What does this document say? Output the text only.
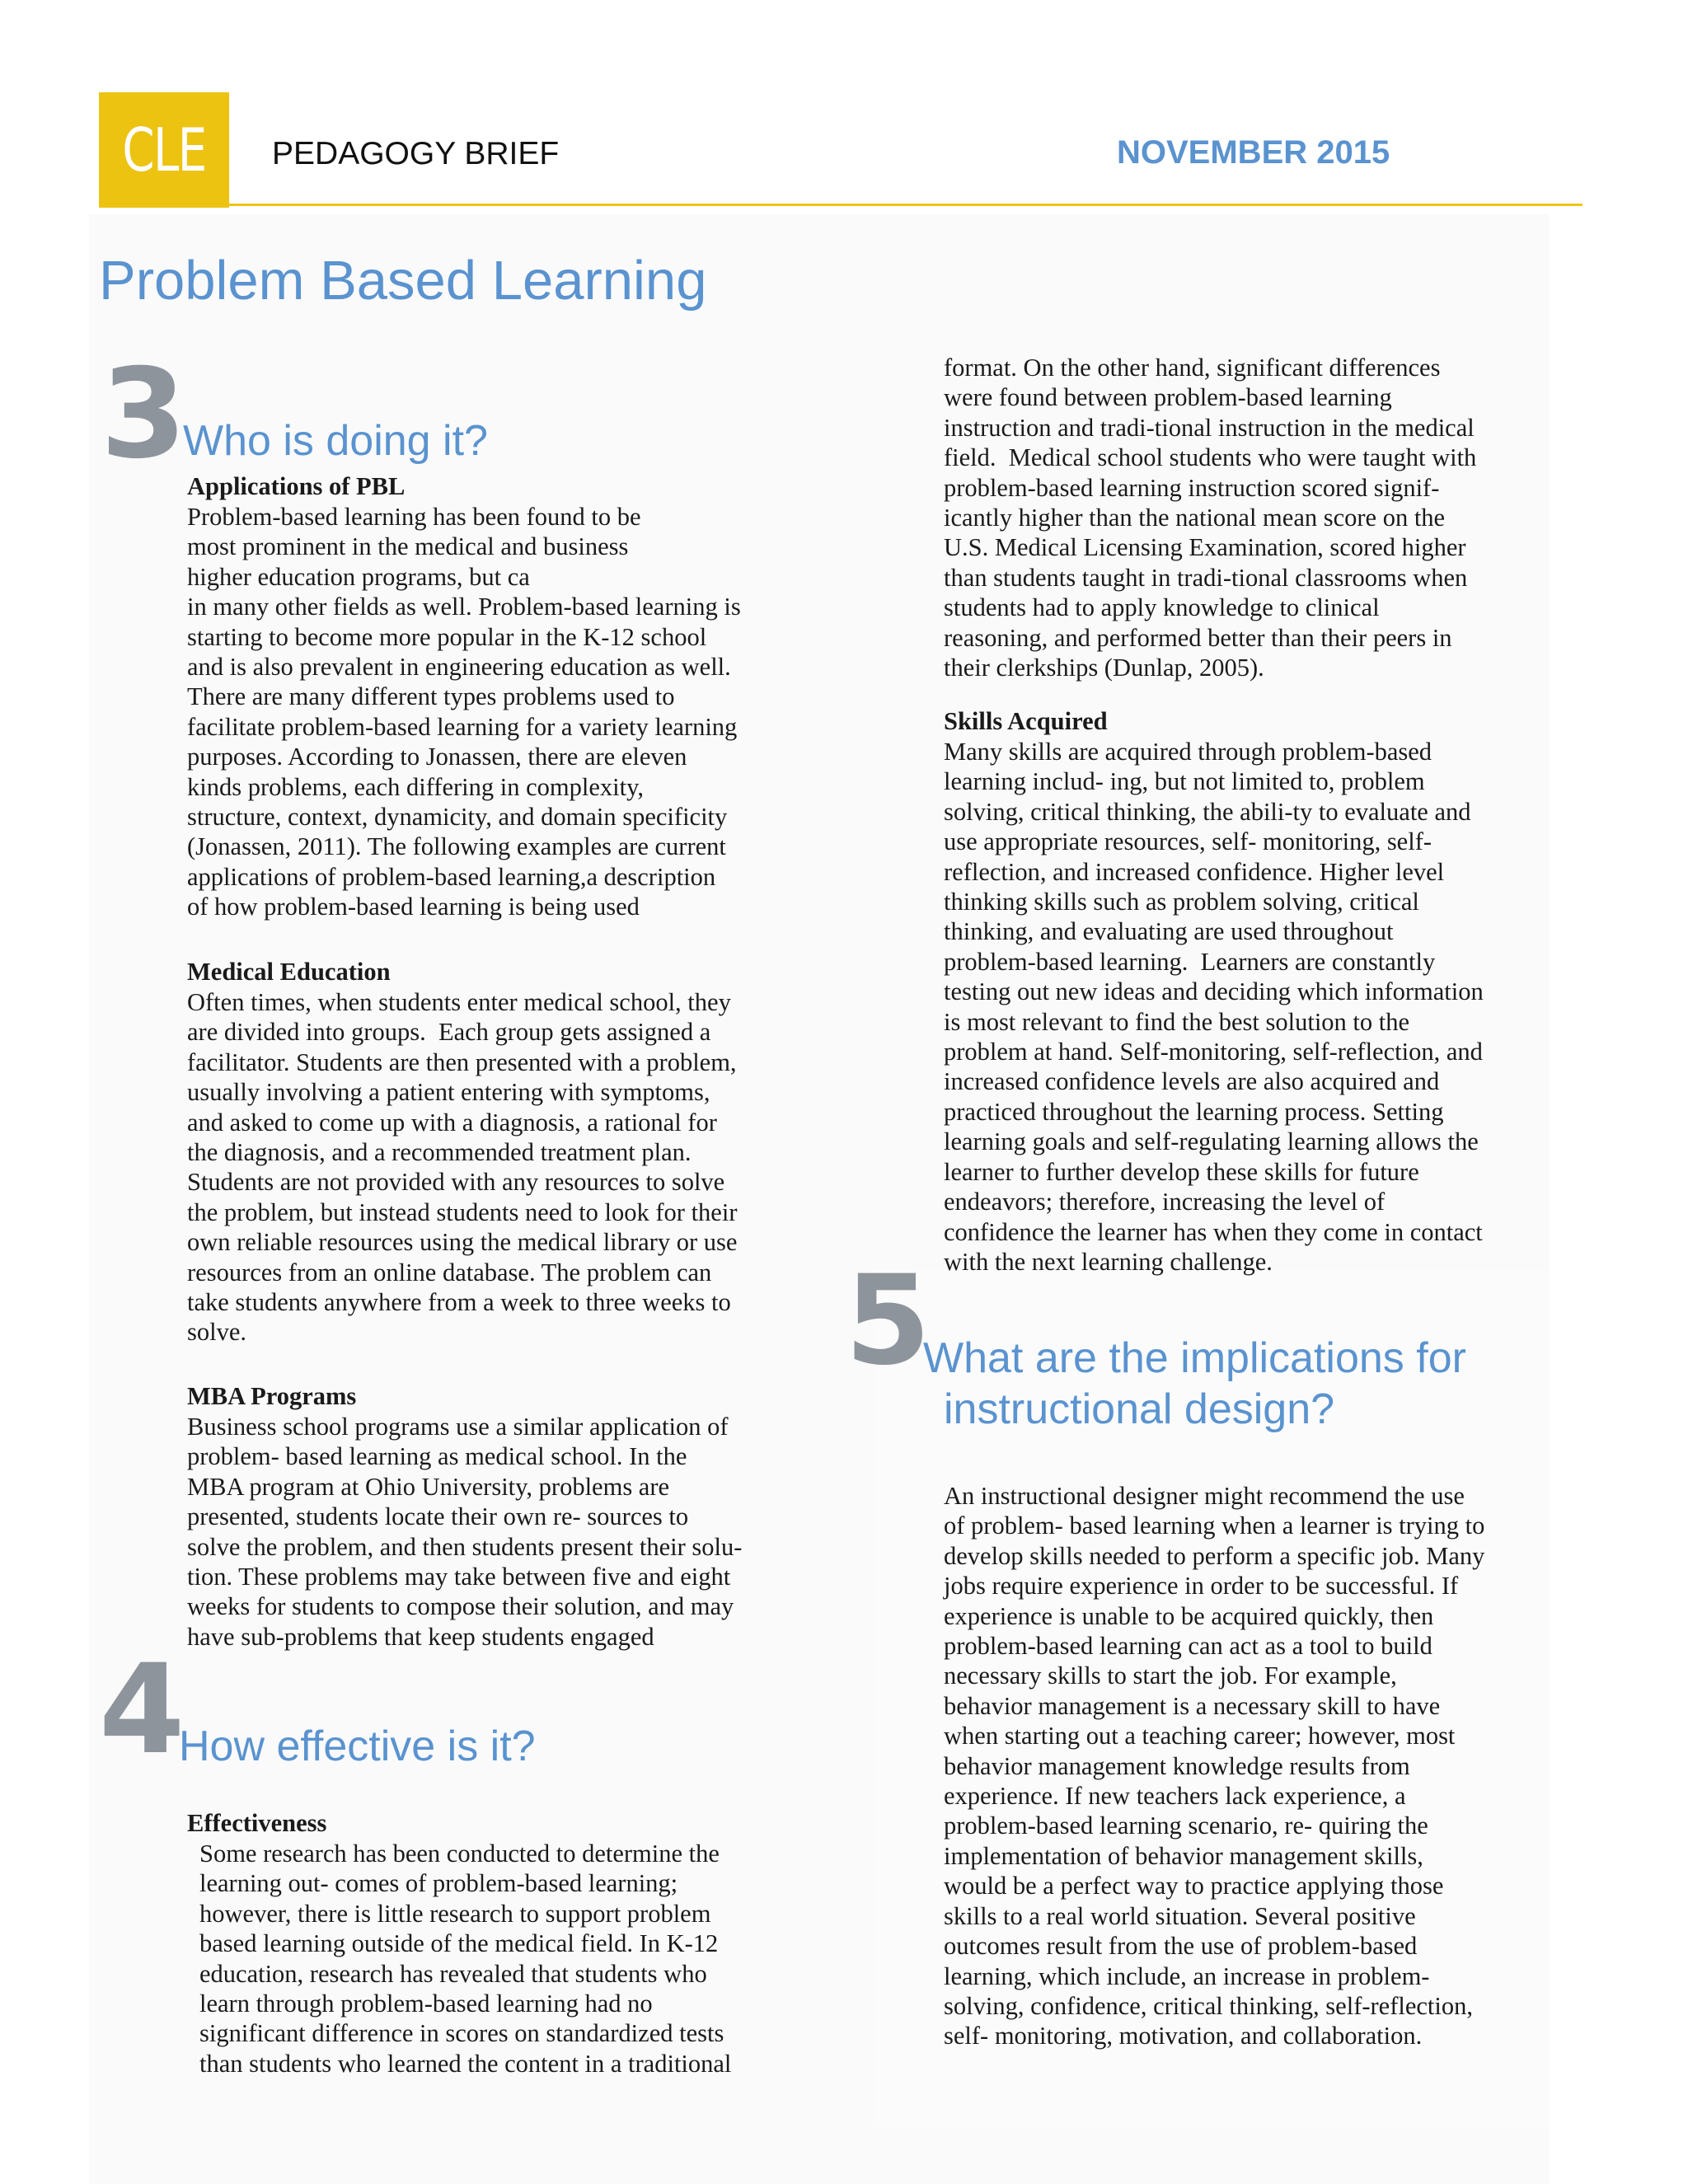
CLE PEDAGOGY BRIEF	NOVEMBER 2015
Problem Based Learning
3 Who is doing it?
Applications of PBL
Problem-based learning has been found to be
most prominent in the medical and business
higher education programs, but ca
in many other fields as well. Problem-based learning is
starting to become more popular in the K-12 school
and is also prevalent in engineering education as well.
There are many different types problems used to
facilitate problem-based learning for a variety learning
purposes. According to Jonassen, there are eleven
kinds problems, each differing in complexity,
structure, context, dynamicity, and domain specificity
(Jonassen, 2011). The following examples are current
applications of problem-based learning,a description
of how problem-based learning is being used
Medical Education
Often times, when students enter medical school, they
are divided into groups.  Each group gets assigned a
facilitator. Students are then presented with a problem,
usually involving a patient entering with symptoms,
and asked to come up with a diagnosis, a rational for
the diagnosis, and a recommended treatment plan.
Students are not provided with any resources to solve
the problem, but instead students need to look for their
own reliable resources using the medical library or use
resources from an online database. The problem can
take students anywhere from a week to three weeks to
solve.
MBA Programs
Business school programs use a similar application of
problem- based learning as medical school. In the
MBA program at Ohio University, problems are
presented, students locate their own re- sources to
solve the problem, and then students present their solu-
tion. These problems may take between five and eight
weeks for students to compose their solution, and may
have sub-problems that keep students engaged
4
How effective is it?
Effectiveness
Some research has been conducted to determine the
learning out- comes of problem-based learning;
however, there is little research to support problem
based learning outside of the medical field. In K-12
education, research has revealed that students who
learn through problem-based learning had no
significant difference in scores on standardized tests
than students who learned the content in a traditional
format. On the other hand, significant differences
were found between problem-based learning
instruction and tradi-tional instruction in the medical
field.  Medical school students who were taught with
problem-based learning instruction scored signif-
icantly higher than the national mean score on the
U.S. Medical Licensing Examination, scored higher
than students taught in tradi-tional classrooms when
students had to apply knowledge to clinical
reasoning, and performed better than their peers in
their clerkships (Dunlap, 2005).
Skills Acquired
Many skills are acquired through problem-based
learning includ- ing, but not limited to, problem
solving, critical thinking, the abili-ty to evaluate and
use appropriate resources, self- monitoring, self-
reflection, and increased confidence. Higher level
thinking skills such as problem solving, critical
thinking, and evaluating are used throughout
problem-based learning.  Learners are constantly
testing out new ideas and deciding which information
is most relevant to find the best solution to the
problem at hand. Self-monitoring, self-reflection, and
increased confidence levels are also acquired and
practiced throughout the learning process. Setting
learning goals and self-regulating learning allows the
learner to further develop these skills for future
endeavors; therefore, increasing the level of
confidence the learner has when they come in contact
with the next learning challenge.
5
What are the implications for
instructional design?
An instructional designer might recommend the use
of problem- based learning when a learner is trying to
develop skills needed to perform a specific job. Many
jobs require experience in order to be successful. If
experience is unable to be acquired quickly, then
problem-based learning can act as a tool to build
necessary skills to start the job. For example,
behavior management is a necessary skill to have
when starting out a teaching career; however, most
behavior management knowledge results from
experience. If new teachers lack experience, a
problem-based learning scenario, re- quiring the
implementation of behavior management skills,
would be a perfect way to practice applying those
skills to a real world situation. Several positive
outcomes result from the use of problem-based
learning, which include, an increase in problem-
solving, confidence, critical thinking, self-reflection,
self- monitoring, motivation, and collaboration.
